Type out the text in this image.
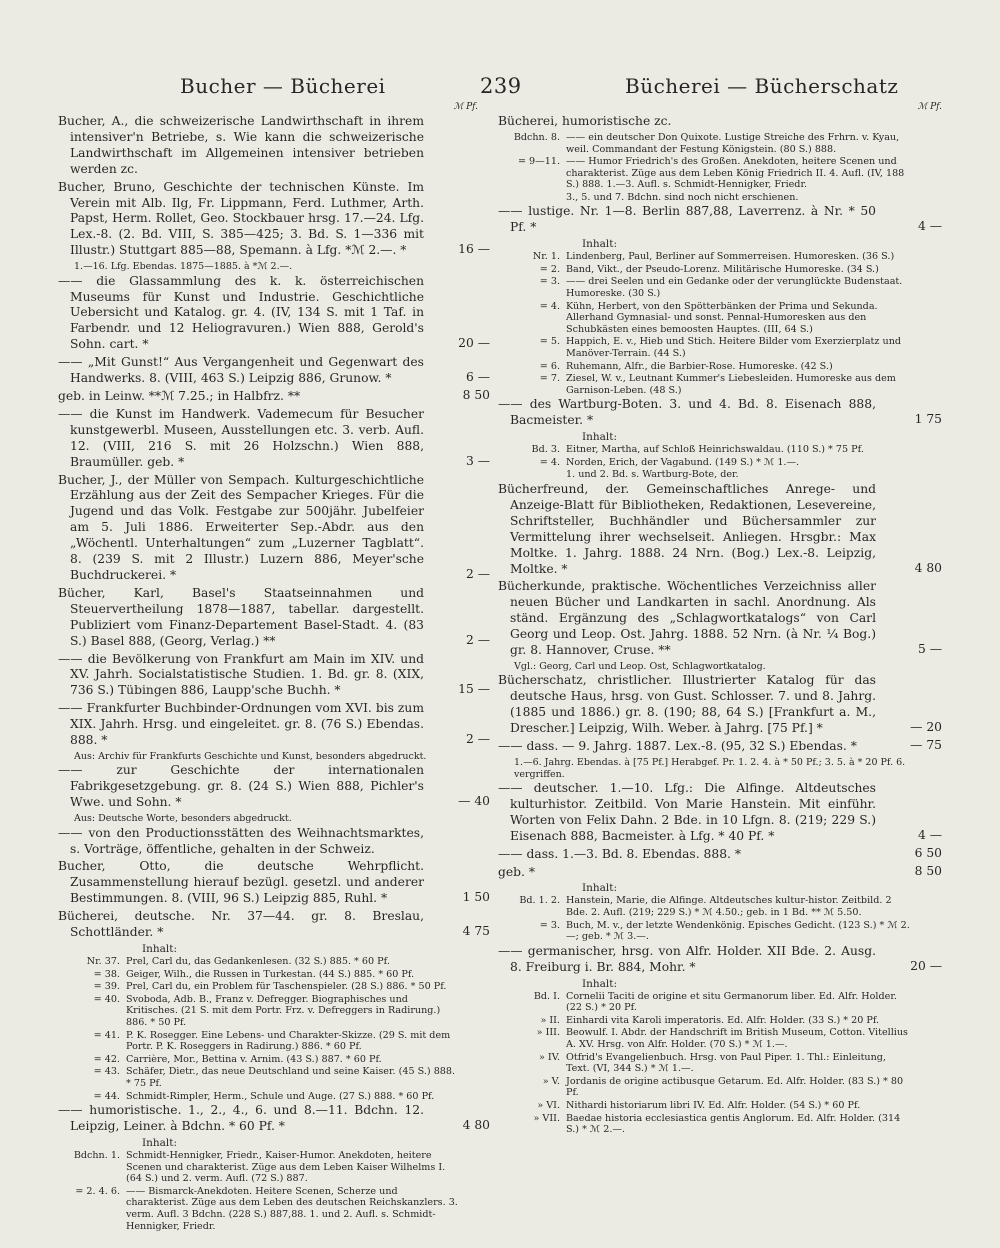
Bucher — Bücherei	239	Bücherei — Bücherschatz
ℳ Pf.
Bucher, A., die schweizerische Landwirthschaft in ihrem intensiver'n Betriebe, s. Wie kann die schweizerische Landwirthschaft im Allgemeinen intensiver betrieben werden zc.
Bucher, Bruno, Geschichte der technischen Künste. Im Verein mit Alb. Ilg, Fr. Lippmann, Ferd. Luthmer, Arth. Papst, Herm. Rollet, Geo. Stockbauer hrsg. 17.—24. Lfg. Lex.-8. (2. Bd. VIII, S. 385—425; 3. Bd. S. 1—336 mit Illustr.) Stuttgart 885—88, Spemann. à Lfg. *ℳ 2.—. *	16 —
1.—16. Lfg. Ebendas. 1875—1885. à *ℳ 2.—.
—— die Glassammlung des k. k. österreichischen Museums für Kunst und Industrie. Geschichtliche Uebersicht und Katalog. gr. 4. (IV, 134 S. mit 1 Taf. in Farbendr. und 12 Heliogravuren.) Wien 888, Gerold's Sohn. cart. *	20 —
—— „Mit Gunst!“ Aus Vergangenheit und Gegenwart des Handwerks. 8. (VIII, 463 S.) Leipzig 886, Grunow. *	6 —
geb. in Leinw. **ℳ 7.25.; in Halbfrz. **	8 50
—— die Kunst im Handwerk. Vademecum für Besucher kunstgewerbl. Museen, Ausstellungen etc. 3. verb. Aufl. 12. (VIII, 216 S. mit 26 Holzschn.) Wien 888, Braumüller. geb. *	3 —
Bucher, J., der Müller von Sempach. Kulturgeschichtliche Erzählung aus der Zeit des Sempacher Krieges. Für die Jugend und das Volk. Festgabe zur 500jähr. Jubelfeier am 5. Juli 1886. Erweiterter Sep.-Abdr. aus den „Wöchentl. Unterhaltungen“ zum „Luzerner Tagblatt“. 8. (239 S. mit 2 Illustr.) Luzern 886, Meyer'sche Buchdruckerei. *	2 —
Bücher, Karl, Basel's Staatseinnahmen und Steuervertheilung 1878—1887, tabellar. dargestellt. Publiziert vom Finanz-Departement Basel-Stadt. 4. (83 S.) Basel 888, (Georg, Verlag.) **	2 —
—— die Bevölkerung von Frankfurt am Main im XIV. und XV. Jahrh. Socialstatistische Studien. 1. Bd. gr. 8. (XIX, 736 S.) Tübingen 886, Laupp'sche Buchh. *	15 —
—— Frankfurter Buchbinder-Ordnungen vom XVI. bis zum XIX. Jahrh. Hrsg. und eingeleitet. gr. 8. (76 S.) Ebendas. 888. *	2 —
Aus: Archiv für Frankfurts Geschichte und Kunst, besonders abgedruckt.
—— zur Geschichte der internationalen Fabrikgesetzgebung. gr. 8. (24 S.) Wien 888, Pichler's Wwe. und Sohn. *	— 40
Aus: Deutsche Worte, besonders abgedruckt.
—— von den Productionsstätten des Weihnachtsmarktes, s. Vorträge, öffentliche, gehalten in der Schweiz.
Bucher, Otto, die deutsche Wehrpflicht. Zusammenstellung hierauf bezügl. gesetzl. und anderer Bestimmungen. 8. (VIII, 96 S.) Leipzig 885, Ruhl. *	1 50
Bücherei, deutsche. Nr. 37—44. gr. 8. Breslau, Schottländer. *	4 75
Inhalt:
Nr. 37. Prel, Carl du, das Gedankenlesen. (32 S.) 885. * 60 Pf.
= 38. Geiger, Wilh., die Russen in Turkestan. (44 S.) 885. * 60 Pf.
= 39. Prel, Carl du, ein Problem für Taschenspieler. (28 S.) 886. * 50 Pf.
= 40. Svoboda, Adb. B., Franz v. Defregger. Biographisches und Kritisches. (21 S. mit dem Portr. Frz. v. Defreggers in Radirung.) 886. * 50 Pf.
= 41. P. K. Rosegger. Eine Lebens- und Charakter-Skizze. (29 S. mit dem Portr. P. K. Roseggers in Radirung.) 886. * 60 Pf.
= 42. Carrière, Mor., Bettina v. Arnim. (43 S.) 887. * 60 Pf.
= 43. Schäfer, Dietr., das neue Deutschland und seine Kaiser. (45 S.) 888. * 75 Pf.
= 44. Schmidt-Rimpler, Herm., Schule und Auge. (27 S.) 888. * 60 Pf.
—— humoristische. 1., 2., 4., 6. und 8.—11. Bdchn. 12. Leipzig, Leiner. à Bdchn. * 60 Pf. *	4 80
Inhalt:
Bdchn. 1. Schmidt-Hennigker, Friedr., Kaiser-Humor. Anekdoten, heitere Scenen und charakterist. Züge aus dem Leben Kaiser Wilhelms I. (64 S.) und 2. verm. Aufl. (72 S.) 887.
= 2. 4. 6. —— Bismarck-Anekdoten. Heitere Scenen, Scherze und charakterist. Züge aus dem Leben des deutschen Reichskanzlers. 3. verm. Aufl. 3 Bdchn. (228 S.) 887,88. 1. und 2. Aufl. s. Schmidt-Hennigker, Friedr.
ℳ Pf.
Bücherei, humoristische zc.
Bdchn. 8. —— ein deutscher Don Quixote. Lustige Streiche des Frhrn. v. Kyau, weil. Commandant der Festung Königstein. (80 S.) 888.
= 9—11. —— Humor Friedrich's des Großen. Anekdoten, heitere Scenen und charakterist. Züge aus dem Leben König Friedrich II. 4. Aufl. (IV, 188 S.) 888. 1.—3. Aufl. s. Schmidt-Hennigker, Friedr.
3., 5. und 7. Bdchn. sind noch nicht erschienen.
—— lustige. Nr. 1—8. Berlin 887,88, Laverrenz. à Nr. * 50 Pf. *	4 —
Inhalt:
Nr. 1. Lindenberg, Paul, Berliner auf Sommerreisen. Humoresken. (36 S.)
= 2. Band, Vikt., der Pseudo-Lorenz. Militärische Humoreske. (34 S.)
= 3. —— drei Seelen und ein Gedanke oder der verunglückte Budenstaat. Humoreske. (30 S.)
= 4. Kühn, Herbert, von den Spötterbänken der Prima und Sekunda. Allerhand Gymnasial- und sonst. Pennal-Humoresken aus den Schubkästen eines bemoosten Hauptes. (III, 64 S.)
= 5. Happich, E. v., Hieb und Stich. Heitere Bilder vom Exerzierplatz und Manöver-Terrain. (44 S.)
= 6. Ruhemann, Alfr., die Barbier-Rose. Humoreske. (42 S.)
= 7. Ziesel, W. v., Leutnant Kummer's Liebesleiden. Humoreske aus dem Garnison-Leben. (48 S.)
—— des Wartburg-Boten. 3. und 4. Bd. 8. Eisenach 888, Bacmeister. *	1 75
Inhalt:
Bd. 3. Eitner, Martha, auf Schloß Heinrichswaldau. (110 S.) * 75 Pf.
= 4. Norden, Erich, der Vagabund. (149 S.) * ℳ 1.—.
1. und 2. Bd. s. Wartburg-Bote, der.
Bücherfreund, der. Gemeinschaftliches Anrege- und Anzeige-Blatt für Bibliotheken, Redaktionen, Lesevereine, Schriftsteller, Buchhändler und Büchersammler zur Vermittelung ihrer wechselseit. Anliegen. Hrsgbr.: Max Moltke. 1. Jahrg. 1888. 24 Nrn. (Bog.) Lex.-8. Leipzig, Moltke. *	4 80
Bücherkunde, praktische. Wöchentliches Verzeichniss aller neuen Bücher und Landkarten in sachl. Anordnung. Als ständ. Ergänzung des „Schlagwortkatalogs“ von Carl Georg und Leop. Ost. Jahrg. 1888. 52 Nrn. (à Nr. ¼ Bog.) gr. 8. Hannover, Cruse. **	5 —
Vgl.: Georg, Carl und Leop. Ost, Schlagwortkatalog.
Bücherschatz, christlicher. Illustrierter Katalog für das deutsche Haus, hrsg. von Gust. Schlosser. 7. und 8. Jahrg. (1885 und 1886.) gr. 8. (190; 88, 64 S.) [Frankfurt a. M., Drescher.] Leipzig, Wilh. Weber. à Jahrg. [75 Pf.] *	— 20
—— dass. — 9. Jahrg. 1887. Lex.-8. (95, 32 S.) Ebendas. *	— 75
1.—6. Jahrg. Ebendas. à [75 Pf.] Herabgef. Pr. 1. 2. 4. à * 50 Pf.; 3. 5. à * 20 Pf. 6. vergriffen.
—— deutscher. 1.—10. Lfg.: Die Alfinge. Altdeutsches kulturhistor. Zeitbild. Von Marie Hanstein. Mit einführ. Worten von Felix Dahn. 2 Bde. in 10 Lfgn. 8. (219; 229 S.) Eisenach 888, Bacmeister. à Lfg. * 40 Pf. *	4 —
—— dass. 1.—3. Bd. 8. Ebendas. 888. *	6 50
geb. *	8 50
Inhalt:
Bd. 1. 2. Hanstein, Marie, die Alfinge. Altdeutsches kultur-histor. Zeitbild. 2 Bde. 2. Aufl. (219; 229 S.) * ℳ 4.50.; geb. in 1 Bd. ** ℳ 5.50.
= 3. Buch, M. v., der letzte Wendenkönig. Episches Gedicht. (123 S.) * ℳ 2.—; geb. * ℳ 3.—.
—— germanischer, hrsg. von Alfr. Holder. XII Bde. 2. Ausg. 8. Freiburg i. Br. 884, Mohr. *	20 —
Inhalt:
Bd. I. Cornelii Taciti de origine et situ Germanorum liber. Ed. Alfr. Holder. (22 S.) * 20 Pf.
» II. Einhardi vita Karoli imperatoris. Ed. Alfr. Holder. (33 S.) * 20 Pf.
» III. Beowulf. I. Abdr. der Handschrift im British Museum, Cotton. Vitellius A. XV. Hrsg. von Alfr. Holder. (70 S.) * ℳ 1.—.
» IV. Otfrid's Evangelienbuch. Hrsg. von Paul Piper. 1. Thl.: Einleitung, Text. (VI, 344 S.) * ℳ 1.—.
» V. Jordanis de origine actibusque Getarum. Ed. Alfr. Holder. (83 S.) * 80 Pf.
» VI. Nithardi historiarum libri IV. Ed. Alfr. Holder. (54 S.) * 60 Pf.
» VII. Baedae historia ecclesiastica gentis Anglorum. Ed. Alfr. Holder. (314 S.) * ℳ 2.—.
